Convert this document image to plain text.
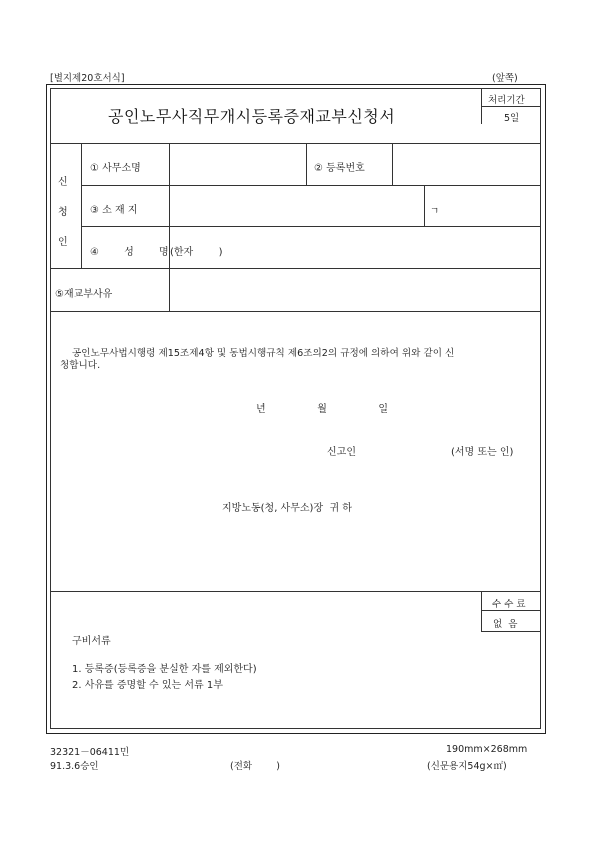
[별지제20호서식]	(앞쪽)
공인노무사직무개시등록증재교부신청서
처리기간
5일
신
청
인
① 사무소명	② 등록번호
③ 소 재 지	ㄱ
④ 성 명 (한자        )
⑤재교부사유
공인노무사법시행령 제15조제4항 및 동법시행규칙 제6조의2의 규정에 의하여 위와 같이 신
청합니다.
년   월   일
신고인	(서명 또는 인)
지방노동(청, 사무소)장  귀 하
수 수 료
없  음
구비서류
1. 등록증(등록증을 분실한 자를 제외한다)
2. 사유를 증명할 수 있는 서류 1부
32321－06411민
91.3.6승인	(전화        )
190mm×268mm
(신문용지54g×㎡)
